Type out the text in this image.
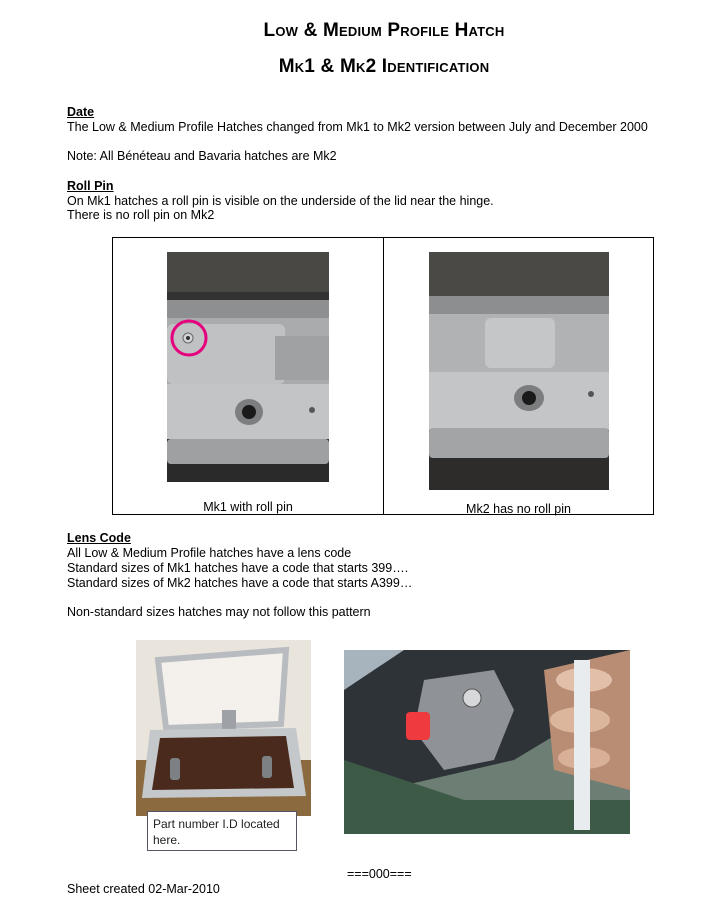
Low & Medium Profile Hatch
Mk1 & Mk2 Identification
Date
The Low & Medium Profile Hatches changed from Mk1 to Mk2 version between July and December 2000
Note: All Bénéteau and Bavaria hatches are Mk2
Roll Pin
On Mk1 hatches a roll pin is visible on the underside of the lid near the hinge.
There is no roll pin on Mk2
Mk1 with roll pin	Mk2 has no roll pin
Lens Code
All Low & Medium Profile hatches have a lens code
Standard sizes of Mk1 hatches have a code that starts 399….
Standard sizes of Mk2 hatches have a code that starts A399…
Non-standard sizes hatches may not follow this pattern
Part number I.D located here.
===000===
Sheet created 02-Mar-2010
